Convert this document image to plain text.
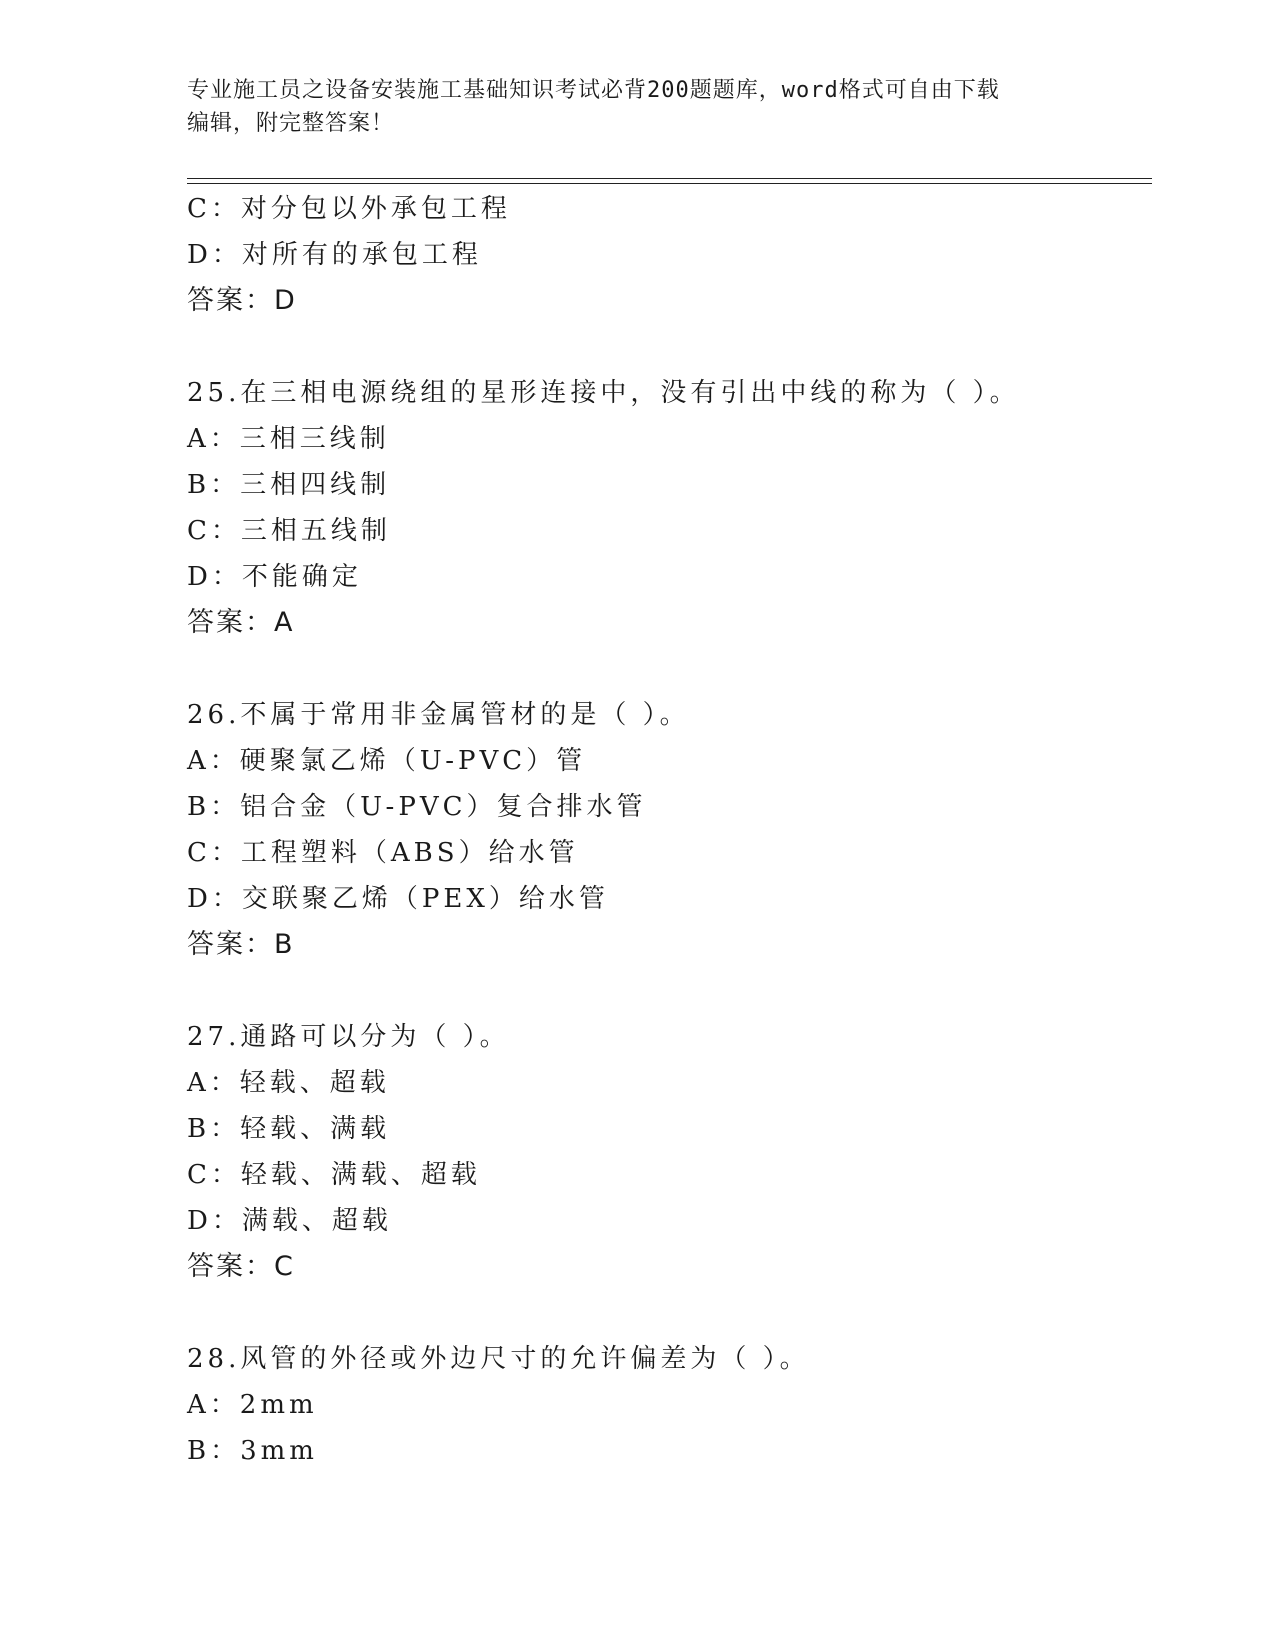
专业施工员之设备安装施工基础知识考试必背200题题库，word格式可自由下载
编辑，附完整答案！
C：对分包以外承包工程
D：对所有的承包工程
答案：D
25.在三相电源绕组的星形连接中，没有引出中线的称为（ ）。
A：三相三线制
B：三相四线制
C：三相五线制
D：不能确定
答案：A
26.不属于常用非金属管材的是（ ）。
A：硬聚氯乙烯（U-PVC）管
B：铝合金（U-PVC）复合排水管
C：工程塑料（ABS）给水管
D：交联聚乙烯（PEX）给水管
答案：B
27.通路可以分为（ ）。
A：轻载、超载
B：轻载、满载
C：轻载、满载、超载
D：满载、超载
答案：C
28.风管的外径或外边尺寸的允许偏差为（ ）。
A：2mm
B：3mm
